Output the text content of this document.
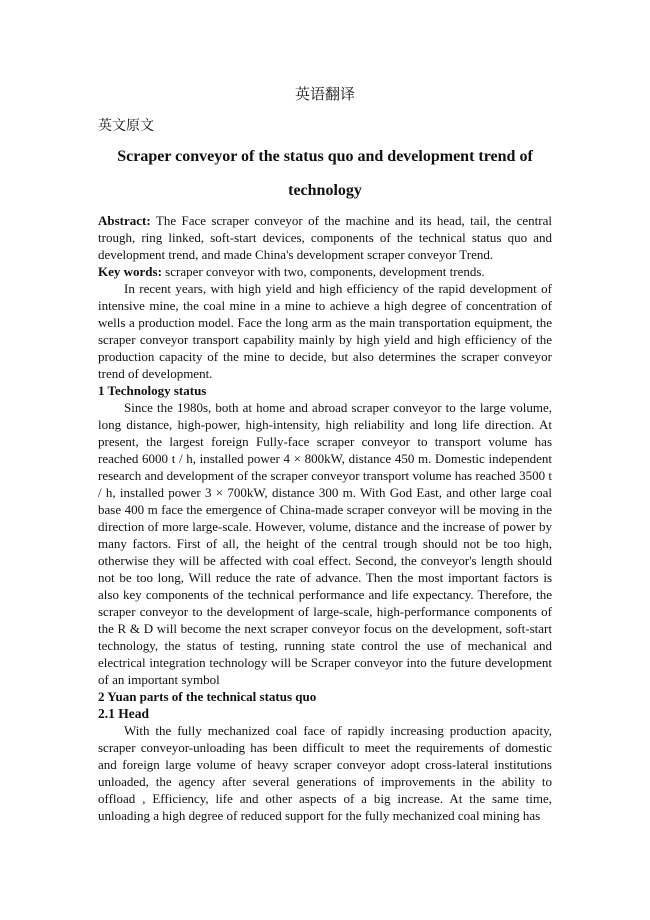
英语翻译
英文原文
Scraper conveyor of the status quo and development trend of technology

Abstract: The Face scraper conveyor of the machine and its head, tail, the central trough, ring linked, soft-start devices, components of the technical status quo and development trend, and made China's development scraper conveyor Trend.

Key words: scraper conveyor with two, components, development trends.

In recent years, with high yield and high efficiency of the rapid development of intensive mine, the coal mine in a mine to achieve a high degree of concentration of wells a production model. Face the long arm as the main transportation equipment, the scraper conveyor transport capability mainly by high yield and high efficiency of the production capacity of the mine to decide, but also determines the scraper conveyor trend of development.

1 Technology status

Since the 1980s, both at home and abroad scraper conveyor to the large volume, long distance, high-power, high-intensity, high reliability and long life direction. At present, the largest foreign Fully-face scraper conveyor to transport volume has reached 6000 t / h, installed power 4 × 800kW, distance 450 m. Domestic independent research and development of the scraper conveyor transport volume has reached 3500 t / h, installed power 3 × 700kW, distance 300 m. With God East, and other large coal base 400 m face the emergence of China-made scraper conveyor will be moving in the direction of more large-scale. However, volume, distance and the increase of power by many factors. First of all, the height of the central trough should not be too high, otherwise they will be affected with coal effect. Second, the conveyor's length should not be too long, Will reduce the rate of advance. Then the most important factors is also key components of the technical performance and life expectancy. Therefore, the scraper conveyor to the development of large-scale, high-performance components of the R & D will become the next scraper conveyor focus on the development, soft-start technology, the status of testing, running state control the use of mechanical and electrical integration technology will be Scraper conveyor into the future development of an important symbol

2 Yuan parts of the technical status quo

2.1 Head

With the fully mechanized coal face of rapidly increasing production apacity, scraper conveyor-unloading has been difficult to meet the requirements of domestic and foreign large volume of heavy scraper conveyor adopt cross-lateral institutions unloaded, the agency after several generations of improvements in the ability to offload , Efficiency, life and other aspects of a big increase. At the same time, unloading a high degree of reduced support for the fully mechanized coal mining has
